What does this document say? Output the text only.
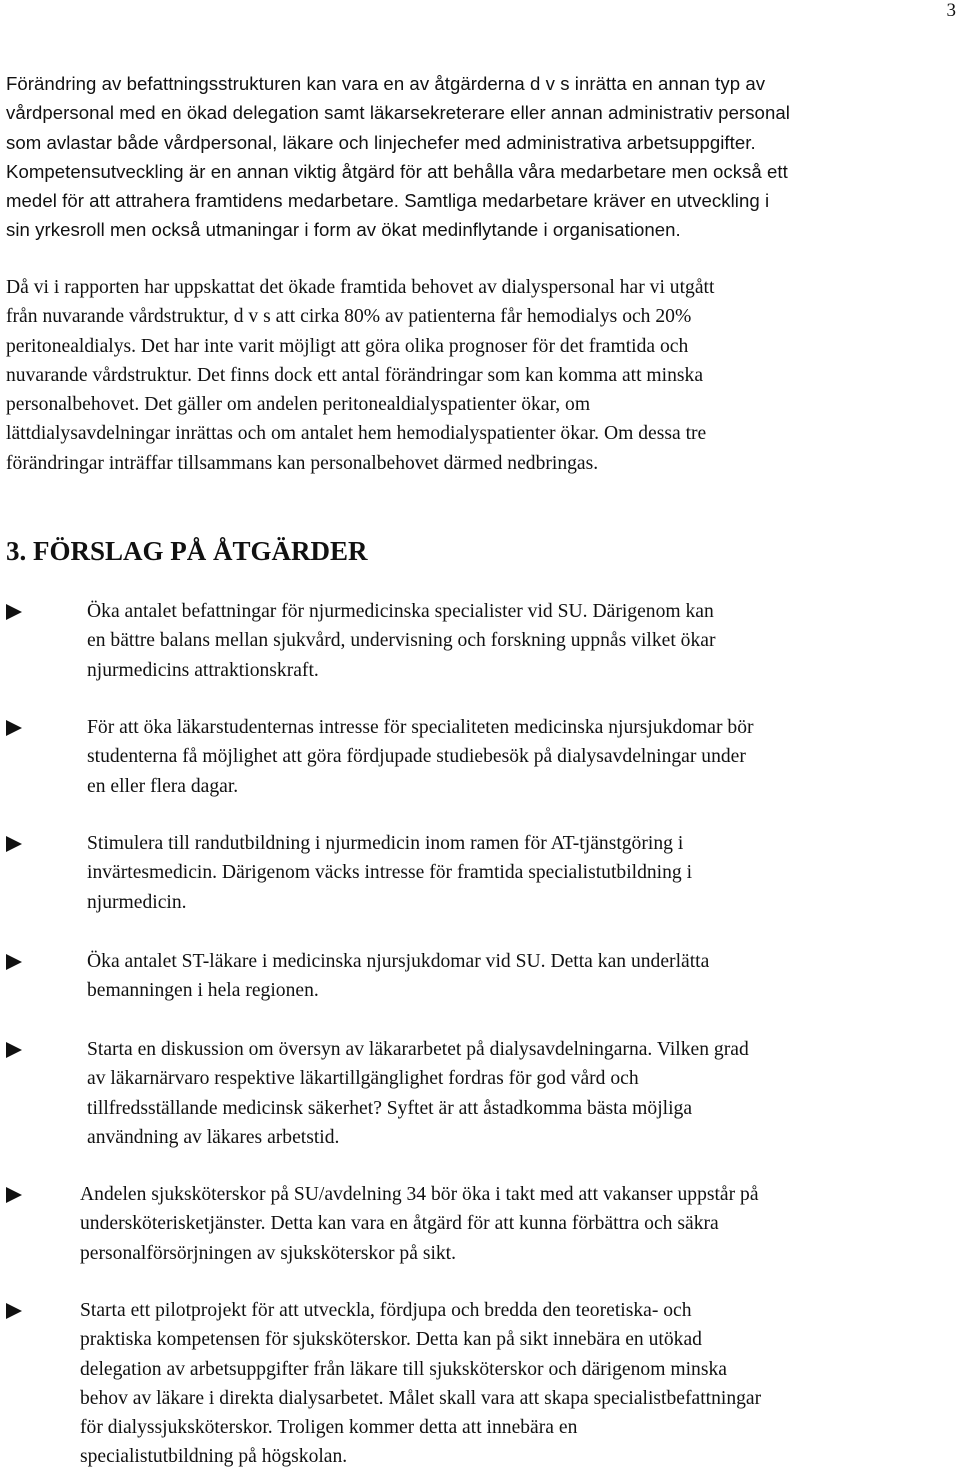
3

Förändring av befattningsstrukturen kan vara en av åtgärderna d v s inrätta en annan typ av
vårdpersonal med en ökad delegation samt läkarsekreterare eller annan administrativ personal
som avlastar både vårdpersonal, läkare och linjechefer med administrativa arbetsuppgifter.
Kompetensutveckling är en annan viktig åtgärd för att behålla våra medarbetare men också ett
medel för att attrahera framtidens medarbetare. Samtliga medarbetare kräver en utveckling i
sin yrkesroll men också utmaningar i form av ökat medinflytande i organisationen.

Då vi i rapporten har uppskattat det ökade framtida behovet av dialyspersonal har vi utgått
från nuvarande vårdstruktur, d v s att cirka 80% av patienterna får hemodialys och 20%
peritonealdialys. Det har inte varit möjligt att göra olika prognoser för det framtida och
nuvarande vårdstruktur. Det finns dock ett antal förändringar som kan komma att minska
personalbehovet. Det gäller om andelen peritonealdialyspatienter ökar, om
lättdialysavdelningar inrättas och om antalet hem hemodialyspatienter ökar. Om dessa tre
förändringar inträffar tillsammans kan personalbehovet därmed nedbringas.

3. FÖRSLAG PÅ ÅTGÄRDER

Öka antalet befattningar för njurmedicinska specialister vid SU. Därigenom kan
en bättre balans mellan sjukvård, undervisning och forskning uppnås vilket ökar
njurmedicins attraktionskraft.

För att öka läkarstudenternas intresse för specialiteten medicinska njursjukdomar bör
studenterna få möjlighet att göra fördjupade studiebesök på dialysavdelningar under
en eller flera dagar.

Stimulera till randutbildning i njurmedicin inom ramen för AT-tjänstgöring i
invärtesmedicin. Därigenom väcks intresse för framtida specialistutbildning i
njurmedicin.

Öka antalet ST-läkare i medicinska njursjukdomar vid SU. Detta kan underlätta
bemanningen i hela regionen.

Starta en diskussion om översyn av läkararbetet på dialysavdelningarna. Vilken grad
av läkarnärvaro respektive läkartillgänglighet fordras för god vård och
tillfredsställande medicinsk säkerhet? Syftet är att åstadkomma bästa möjliga
användning av läkares arbetstid.

Andelen sjuksköterskor på SU/avdelning 34 bör öka i takt med att vakanser uppstår på
undersköterisketjänster. Detta kan vara en åtgärd för att kunna förbättra och säkra
personalförsörjningen av sjuksköterskor på sikt.

Starta ett pilotprojekt för att utveckla, fördjupa och bredda den teoretiska- och
praktiska kompetensen för sjuksköterskor. Detta kan på sikt innebära en utökad
delegation av arbetsuppgifter från läkare till sjuksköterskor och därigenom minska
behov av läkare i direkta dialysarbetet. Målet skall vara att skapa specialistbefattningar
för dialyssjuksköterskor. Troligen kommer detta att innebära en
specialistutbildning på högskolan.
